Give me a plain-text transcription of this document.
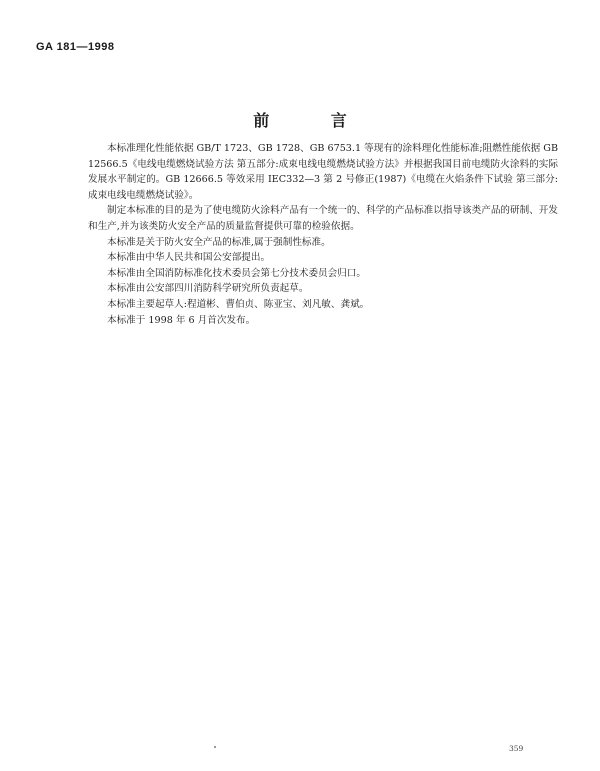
GA 181—1998
前 言

本标准理化性能依据 GB/T 1723、GB 1728、GB 6753.1 等现有的涂料理化性能标准;阻燃性能依据 GB 12566.5《电线电缆燃烧试验方法 第五部分:成束电线电缆燃烧试验方法》并根据我国目前电缆防火涂料的实际发展水平制定的。GB 12666.5 等效采用 IEC332—3 第 2 号修正(1987)《电缆在火焰条件下试验 第三部分:成束电线电缆燃烧试验》。

制定本标准的目的是为了使电缆防火涂料产品有一个统一的、科学的产品标准以指导该类产品的研制、开发和生产,并为该类防火安全产品的质量监督提供可靠的检验依据。

本标准是关于防火安全产品的标准,属于强制性标准。

本标准由中华人民共和国公安部提出。

本标准由全国消防标准化技术委员会第七分技术委员会归口。

本标准由公安部四川消防科学研究所负责起草。

本标准主要起草人:程道彬、曹伯贞、陈亚宝、刘凡敏、龚斌。

本标准于 1998 年 6 月首次发布。

359
